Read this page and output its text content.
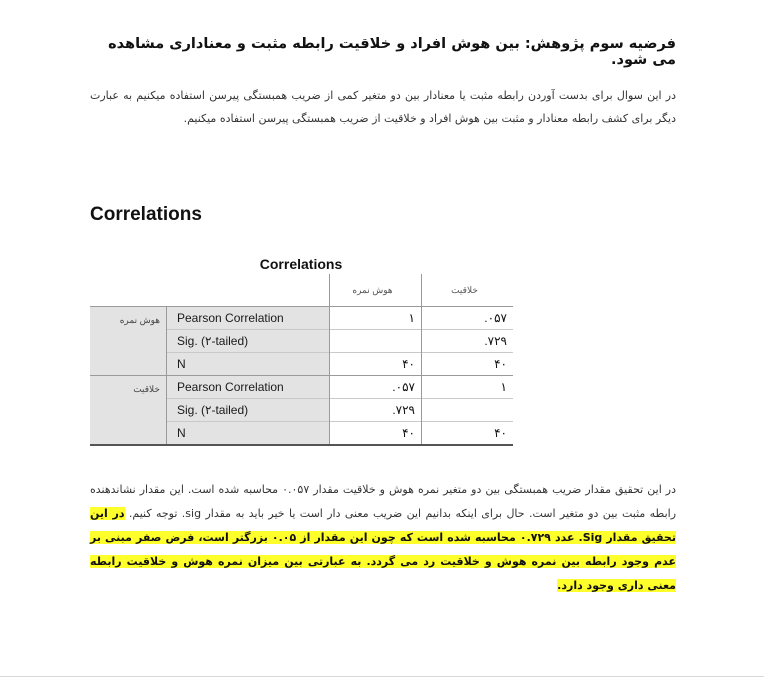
فرضیه سوم پژوهش: بین هوش افراد و خلاقیت رابطه مثبت و معناداری مشاهده می شود.
در این سوال برای بدست آوردن رابطه مثبت یا معنادار بین دو متغیر کمی از ضریب همبستگی پیرسن استفاده میکنیم به عبارت دیگر برای کشف رابطه معنادار و مثبت بین هوش افراد و خلاقیت از ضریب همبستگی پیرسن استفاده میکنیم.
Correlations
Correlations
		هوش نمره	خلاقیت
هوش نمره	Pearson Correlation	١	.٠۵٧
	Sig. (٢-tailed)		.٧٢٩
	N	۴٠	۴٠
خلاقیت	Pearson Correlation	.٠۵٧	١
	Sig. (٢-tailed)	.٧٢٩	
	N	۴٠	۴٠
در این تحقیق مقدار ضریب همبستگی بین دو متغیر نمره هوش و خلاقیت مقدار ٠.٠۵٧ محاسبه شده است. این مقدار نشاندهنده رابطه مثبت بین دو متغیر است. حال برای اینکه بدانیم این ضریب معنی دار است یا خیر باید به مقدار sig. توجه کنیم. در این تحقیق مقدار Sig. عدد ٠.٧٢٩ محاسبه شده است که چون این مقدار از ٠.٠۵ بزرگتر است، فرض صفر مبنی بر عدم وجود رابطه بین نمره هوش و خلاقیت رد می گردد. به عبارتی بین میزان نمره هوش و خلاقیت رابطه معنی داری وجود دارد.
